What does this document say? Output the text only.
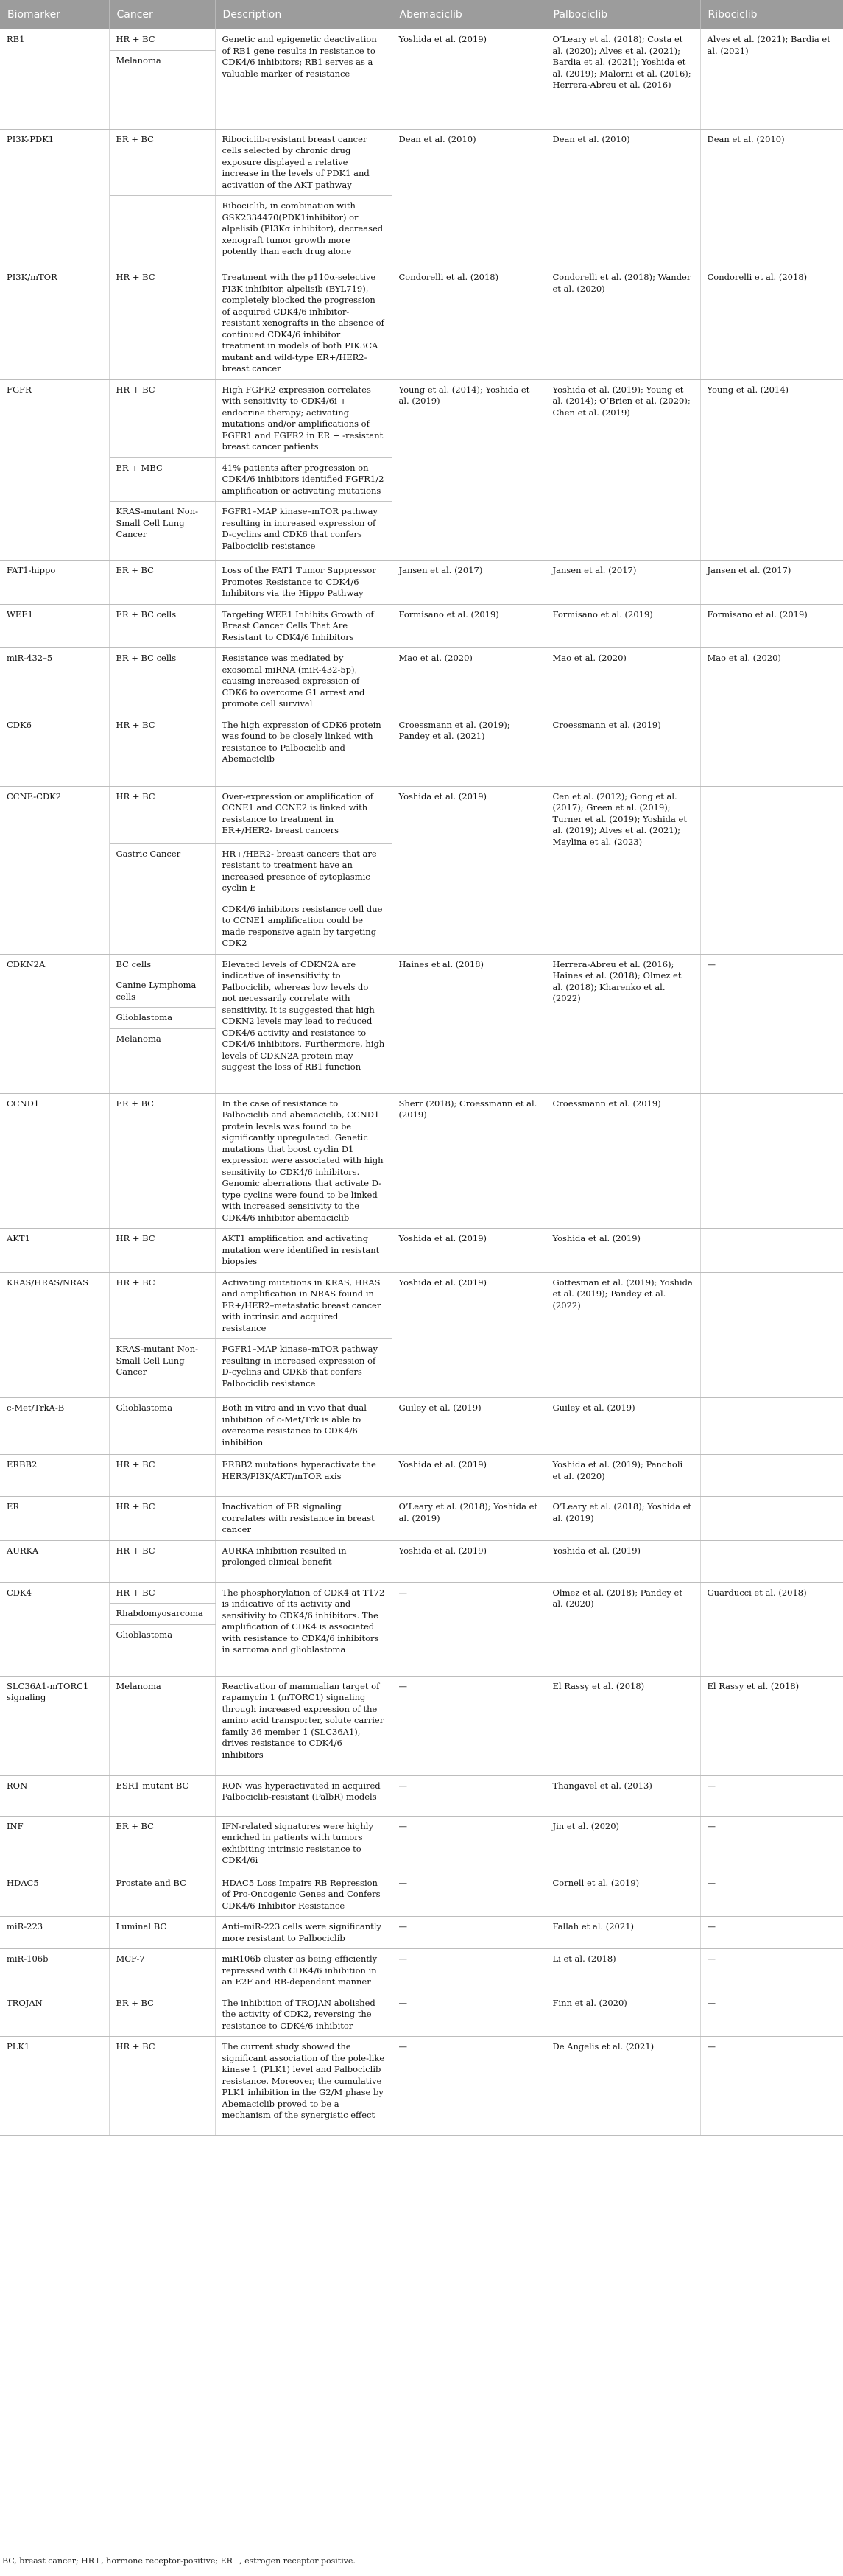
Biomarker	Cancer	Description	Abemaciclib	Palbociclib	Ribociclib
RB1	HR + BC	Genetic and epigenetic deactivation of RB1 gene results in resistance to CDK4/6 inhibitors; RB1 serves as a valuable marker of resistance	Yoshida et al. (2019)	O’Leary et al. (2018); Costa et al. (2020); Alves et al. (2021); Bardia et al. (2021); Yoshida et al. (2019); Malorni et al. (2016); Herrera-Abreu et al. (2016)	Alves et al. (2021); Bardia et al. (2021)
	Melanoma				
PI3K-PDK1	ER + BC	Ribociclib-resistant breast cancer cells selected by chronic drug exposure displayed a relative increase in the levels of PDK1 and activation of the AKT pathway	Dean et al. (2010)	Dean et al. (2010)	Dean et al. (2010)
		Ribociclib, in combination with GSK2334470(PDK1inhibitor) or alpelisib (PI3Kα inhibitor), decreased xenograft tumor growth more potently than each drug alone			
PI3K/mTOR	HR + BC	Treatment with the p110α-selective PI3K inhibitor, alpelisib (BYL719), completely blocked the progression of acquired CDK4/6 inhibitor-resistant xenografts in the absence of continued CDK4/6 inhibitor treatment in models of both PIK3CA mutant and wild-type ER+/HER2- breast cancer	Condorelli et al. (2018)	Condorelli et al. (2018); Wander et al. (2020)	Condorelli et al. (2018)
FGFR	HR + BC	High FGFR2 expression correlates with sensitivity to CDK4/6i + endocrine therapy; activating mutations and/or amplifications of FGFR1 and FGFR2 in ER + -resistant breast cancer patients	Young et al. (2014); Yoshida et al. (2019)	Yoshida et al. (2019); Young et al. (2014); O’Brien et al. (2020); Chen et al. (2019)	Young et al. (2014)
	ER + MBC	41% patients after progression on CDK4/6 inhibitors identified FGFR1/2 amplification or activating mutations			
	KRAS-mutant Non-Small Cell Lung Cancer	FGFR1–MAP kinase–mTOR pathway resulting in increased expression of D-cyclins and CDK6 that confers Palbociclib resistance			
FAT1-hippo	ER + BC	Loss of the FAT1 Tumor Suppressor Promotes Resistance to CDK4/6 Inhibitors via the Hippo Pathway	Jansen et al. (2017)	Jansen et al. (2017)	Jansen et al. (2017)
WEE1	ER + BC cells	Targeting WEE1 Inhibits Growth of Breast Cancer Cells That Are Resistant to CDK4/6 Inhibitors	Formisano et al. (2019)	Formisano et al. (2019)	Formisano et al. (2019)
miR-432–5	ER + BC cells	Resistance was mediated by exosomal miRNA (miR-432-5p), causing increased expression of CDK6 to overcome G1 arrest and promote cell survival	Mao et al. (2020)	Mao et al. (2020)	Mao et al. (2020)
CDK6	HR + BC	The high expression of CDK6 protein was found to be closely linked with resistance to Palbociclib and Abemaciclib	Croessmann et al. (2019); Pandey et al. (2021)	Croessmann et al. (2019)	
CCNE-CDK2	HR + BC	Over-expression or amplification of CCNE1 and CCNE2 is linked with resistance to treatment in ER+/HER2- breast cancers	Yoshida et al. (2019)	Cen et al. (2012); Gong et al. (2017); Green et al. (2019); Turner et al. (2019); Yoshida et al. (2019); Alves et al. (2021); Maylina et al. (2023)	
	Gastric Cancer	HR+/HER2- breast cancers that are resistant to treatment have an increased presence of cytoplasmic cyclin E			
		CDK4/6 inhibitors resistance cell due to CCNE1 amplification could be made responsive again by targeting CDK2			
CDKN2A	BC cells	Elevated levels of CDKN2A are indicative of insensitivity to Palbociclib, whereas low levels do not necessarily correlate with sensitivity. It is suggested that high CDKN2 levels may lead to reduced CDK4/6 activity and resistance to CDK4/6 inhibitors. Furthermore, high levels of CDKN2A protein may suggest the loss of RB1 function	Haines et al. (2018)	Herrera-Abreu et al. (2016); Haines et al. (2018); Olmez et al. (2018); Kharenko et al. (2022)	—
	Canine Lymphoma cells				
	Glioblastoma				
	Melanoma				
CCND1	ER + BC	In the case of resistance to Palbociclib and abemaciclib, CCND1 protein levels was found to be significantly upregulated. Genetic mutations that boost cyclin D1 expression were associated with high sensitivity to CDK4/6 inhibitors. Genomic aberrations that activate D-type cyclins were found to be linked with increased sensitivity to the CDK4/6 inhibitor abemaciclib	Sherr (2018); Croessmann et al. (2019)	Croessmann et al. (2019)	
AKT1	HR + BC	AKT1 amplification and activating mutation were identified in resistant biopsies	Yoshida et al. (2019)	Yoshida et al. (2019)	
KRAS/HRAS/NRAS	HR + BC	Activating mutations in KRAS, HRAS and amplification in NRAS found in ER+/HER2–metastatic breast cancer with intrinsic and acquired resistance	Yoshida et al. (2019)	Gottesman et al. (2019); Yoshida et al. (2019); Pandey et al. (2022)	
	KRAS-mutant Non-Small Cell Lung Cancer	FGFR1–MAP kinase–mTOR pathway resulting in increased expression of D-cyclins and CDK6 that confers Palbociclib resistance			
c-Met/TrkA-B	Glioblastoma	Both in vitro and in vivo that dual inhibition of c-Met/Trk is able to overcome resistance to CDK4/6 inhibition	Guiley et al. (2019)	Guiley et al. (2019)	
ERBB2	HR + BC	ERBB2 mutations hyperactivate the HER3/PI3K/AKT/mTOR axis	Yoshida et al. (2019)	Yoshida et al. (2019); Pancholi et al. (2020)	
ER	HR + BC	Inactivation of ER signaling correlates with resistance in breast cancer	O’Leary et al. (2018); Yoshida et al. (2019)	O’Leary et al. (2018); Yoshida et al. (2019)	
AURKA	HR + BC	AURKA inhibition resulted in prolonged clinical benefit	Yoshida et al. (2019)	Yoshida et al. (2019)	
CDK4	HR + BC	The phosphorylation of CDK4 at T172 is indicative of its activity and sensitivity to CDK4/6 inhibitors. The amplification of CDK4 is associated with resistance to CDK4/6 inhibitors in sarcoma and glioblastoma	—	Olmez et al. (2018); Pandey et al. (2020)	Guarducci et al. (2018)
	Rhabdomyosarcoma				
	Glioblastoma				
SLC36A1-mTORC1 signaling	Melanoma	Reactivation of mammalian target of rapamycin 1 (mTORC1) signaling through increased expression of the amino acid transporter, solute carrier family 36 member 1 (SLC36A1), drives resistance to CDK4/6 inhibitors	—	El Rassy et al. (2018)	El Rassy et al. (2018)
RON	ESR1 mutant BC	RON was hyperactivated in acquired Palbociclib-resistant (PalbR) models	—	Thangavel et al. (2013)	—
INF	ER + BC	IFN-related signatures were highly enriched in patients with tumors exhibiting intrinsic resistance to CDK4/6i	—	Jin et al. (2020)	—
HDAC5	Prostate and BC	HDAC5 Loss Impairs RB Repression of Pro-Oncogenic Genes and Confers CDK4/6 Inhibitor Resistance	—	Cornell et al. (2019)	—
miR-223	Luminal BC	Anti–miR-223 cells were significantly more resistant to Palbociclib	—	Fallah et al. (2021)	—
miR-106b	MCF-7	miR106b cluster as being efficiently repressed with CDK4/6 inhibition in an E2F and RB-dependent manner	—	Li et al. (2018)	—
TROJAN	ER + BC	The inhibition of TROJAN abolished the activity of CDK2, reversing the resistance to CDK4/6 inhibitor	—	Finn et al. (2020)	—
PLK1	HR + BC	The current study showed the significant association of the pole-like kinase 1 (PLK1) level and Palbociclib resistance. Moreover, the cumulative PLK1 inhibition in the G2/M phase by Abemaciclib proved to be a mechanism of the synergistic effect	—	De Angelis et al. (2021)	—
BC, breast cancer; HR+, hormone receptor-positive; ER+, estrogen receptor positive.
